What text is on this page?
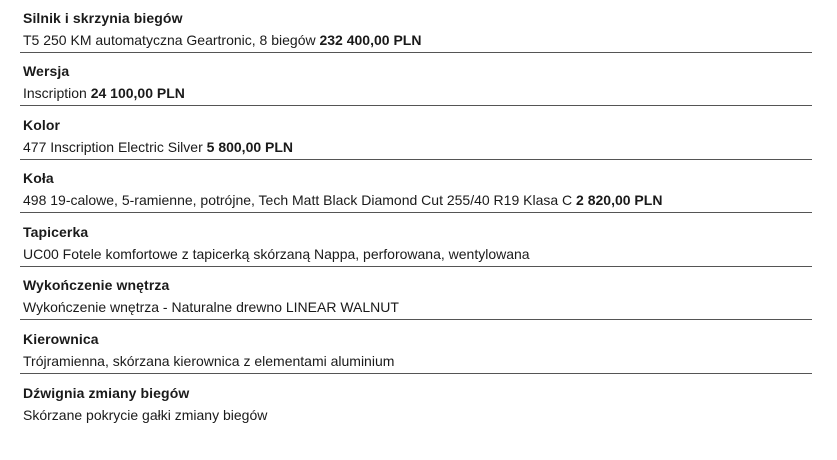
Silnik i skrzynia biegów
T5 250 KM automatyczna Geartronic, 8 biegów 232 400,00 PLN
Wersja
Inscription 24 100,00 PLN
Kolor
477 Inscription Electric Silver 5 800,00 PLN
Koła
498 19-calowe, 5-ramienne, potrójne, Tech Matt Black Diamond Cut 255/40 R19 Klasa C 2 820,00 PLN
Tapicerka
UC00 Fotele komfortowe z tapicerką skórzaną Nappa, perforowana, wentylowana
Wykończenie wnętrza
Wykończenie wnętrza - Naturalne drewno LINEAR WALNUT
Kierownica
Trójramienna, skórzana kierownica z elementami aluminium
Dźwignia zmiany biegów
Skórzane pokrycie gałki zmiany biegów
